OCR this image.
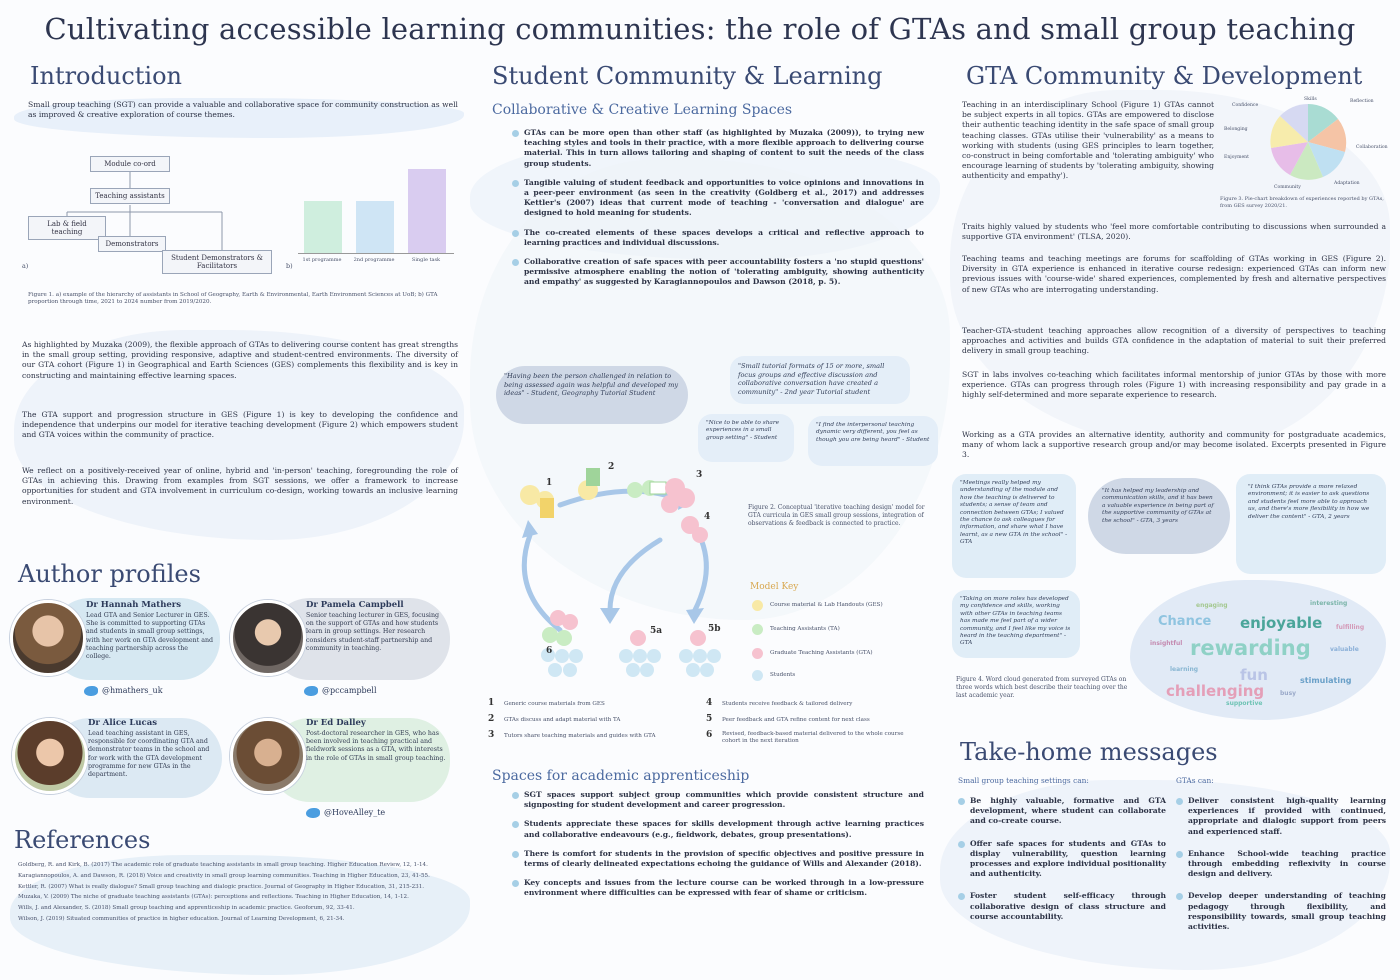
Cultivating accessible learning communities: the role of GTAs and small group teaching
Introduction
Small group teaching (SGT) can provide a valuable and collaborative space for community construction as well as improved & creative exploration of course themes.
Module co-ord
Teaching assistants
Lab & field teaching
Demonstrators
Student Demonstrators & Facilitators
a)	b)
1st programme	2nd programme	Single task
Figure 1. a) example of the hierarchy of assistants in School of Geography, Earth & Environmental, Earth Environment Sciences at UoB; b) GTA proportion through time, 2021 to 2024 number from 2019/2020.
As highlighted by Muzaka (2009), the flexible approach of GTAs to delivering course content has great strengths in the small group setting, providing responsive, adaptive and student-centred environments. The diversity of our GTA cohort (Figure 1) in Geographical and Earth Sciences (GES) complements this flexibility and is key in constructing and maintaining effective learning spaces.
The GTA support and progression structure in GES (Figure 1) is key to developing the confidence and independence that underpins our model for iterative teaching development (Figure 2) which empowers student and GTA voices within the community of practice.
We reflect on a positively-received year of online, hybrid and 'in-person' teaching, foregrounding the role of GTAs in achieving this. Drawing from examples from SGT sessions, we offer a framework to increase opportunities for student and GTA involvement in curriculum co-design, working towards an inclusive learning environment.
Author profiles
Dr Hannah Mathers
Lead GTA and Senior Lecturer in GES. She is committed to supporting GTAs and students in small group settings, with her work on GTA development and teaching partnership across the college.
@hmathers_uk
Dr Pamela Campbell
Senior teaching lecturer in GES, focusing on the support of GTAs and how students learn in group settings. Her research considers student-staff partnership and community in teaching.
@pccampbell
Dr Alice Lucas
Lead teaching assistant in GES, responsible for coordinating GTA and demonstrator teams in the school and for work with the GTA development programme for new GTAs in the department.
Dr Ed Dalley
Post-doctoral researcher in GES, who has been involved in teaching practical and fieldwork sessions as a GTA, with interests in the role of GTAs in small group teaching.
@HoveAlley_te
References
Goldberg, R. and Kirk, B. (2017) The academic role of graduate teaching assistants in small group teaching. Higher Education Review, 12, 1-14.
Karagiannopoulos, A. and Dawson, R. (2018) Voice and creativity in small group learning communities. Teaching in Higher Education, 23, 41-55.
Kettler, R. (2007) What is really dialogue? Small group teaching and dialogic practice. Journal of Geography in Higher Education, 31, 215-231.
Muzaka, V. (2009) The niche of graduate teaching assistants (GTAs): perceptions and reflections. Teaching in Higher Education, 14, 1-12.
Wills, J. and Alexander, S. (2018) Small group teaching and apprenticeship in academic practice. Geoforum, 92, 33-41.
Wilson, J. (2019) Situated communities of practice in higher education. Journal of Learning Development, 6, 21-34.
Student Community & Learning
Collaborative & Creative Learning Spaces
GTAs can be more open than other staff (as highlighted by Muzaka (2009)), to trying new teaching styles and tools in their practice, with a more flexible approach to delivering course material. This in turn allows tailoring and shaping of content to suit the needs of the class group students.
Tangible valuing of student feedback and opportunities to voice opinions and innovations in a peer-peer environment (as seen in the creativity (Goldberg et al., 2017) and addresses Kettler's (2007) ideas that current mode of teaching - 'conversation and dialogue' are designed to hold meaning for students.
The co-created elements of these spaces develops a critical and reflective approach to learning practices and individual discussions.
Collaborative creation of safe spaces with peer accountability fosters a 'no stupid questions' permissive atmosphere enabling the notion of 'tolerating ambiguity, showing authenticity and empathy' as suggested by Karagiannopoulos and Dawson (2018, p. 5).
"Having been the person challenged in relation to being assessed again was helpful and developed my ideas" - Student, Geography Tutorial Student
"Small tutorial formats of 15 or more, small focus groups and effective discussion and collaborative conversation have created a community" - 2nd year Tutorial student
"Nice to be able to share experiences in a small group setting" - Student
"I find the interpersonal teaching dynamic very different, you feel as though you are being heard" - Student
1
2
3
4
5a	5b
6
Figure 2. Conceptual 'iterative teaching design' model for GTA curricula in GES small group sessions, integration of observations & feedback is connected to practice.
Model Key
Course material & Lab Handouts (GES)
Teaching Assistants (TA)
Graduate Teaching Assistants (GTA)
Students
1 Generic course materials from GES
2 GTAs discuss and adapt material with TA
3 Tutors share teaching materials and guides with GTA
4 Students receive feedback & tailored delivery
5 Peer feedback and GTA refine content for next class
6 Revised, feedback-based material delivered to the whole course cohort in the next iteration
Spaces for academic apprenticeship
SGT spaces support subject group communities which provide consistent structure and signposting for student development and career progression.
Students appreciate these spaces for skills development through active learning practices and collaborative endeavours (e.g., fieldwork, debates, group presentations).
There is comfort for students in the provision of specific objectives and positive pressure in terms of clearly delineated expectations echoing the guidance of Wills and Alexander (2018).
Key concepts and issues from the lecture course can be worked through in a low-pressure environment where difficulties can be expressed with fear of shame or criticism.
GTA Community & Development
Teaching in an interdisciplinary School (Figure 1) GTAs cannot be subject experts in all topics. GTAs are empowered to disclose their authentic teaching identity in the safe space of small group teaching classes. GTAs utilise their 'vulnerability' as a means to working with students (using GES principles to learn together, co-construct in being comfortable and 'tolerating ambiguity' who encourage learning of students by 'tolerating ambiguity, showing authenticity and empathy').
Traits highly valued by students who 'feel more comfortable contributing to discussions when surrounded a supportive GTA environment' (TLSA, 2020).
Confidence
Reflection
Collaboration
Adaptation
Community
Enjoyment
Belonging
Skills
Figure 3. Pie-chart breakdown of experiences reported by GTAs, from GES survey 2020/21.
Teaching teams and teaching meetings are forums for scaffolding of GTAs working in GES (Figure 2). Diversity in GTA experience is enhanced in iterative course redesign: experienced GTAs can inform new previous issues with 'course-wide' shared experiences, complemented by fresh and alternative perspectives of new GTAs who are interrogating understanding.
Teacher-GTA-student teaching approaches allow recognition of a diversity of perspectives to teaching approaches and activities and builds GTA confidence in the adaptation of material to suit their preferred delivery in small group teaching.
SGT in labs involves co-teaching which facilitates informal mentorship of junior GTAs by those with more experience. GTAs can progress through roles (Figure 1) with increasing responsibility and pay grade in a highly self-determined and more separate experience to research.
Working as a GTA provides an alternative identity, authority and community for postgraduate academics, many of whom lack a supportive research group and/or may become isolated. Excerpts presented in Figure 3.
"Meetings really helped my understanding of the module and how the teaching is delivered to students; a sense of team and connection between GTAs; I valued the chance to ask colleagues for information, and share what I have learnt, as a new GTA in the school" - GTA
"It has helped my leadership and communication skills, and it has been a valuable experience in being part of the supportive community of GTAs at the school" - GTA, 3 years
"I think GTAs provide a more relaxed environment; it is easier to ask questions and students feel more able to approach us, and there's more flexibility in how we deliver the content" - GTA, 2 years
"Taking on more roles has developed my confidence and skills, working with other GTAs in teaching teams has made me feel part of a wider community, and I feel like my voice is heard in the teaching department" - GTA
enjoyable
rewarding
fun
challenging
Chance
stimulating
interesting
insightful
valuable
engaging
busy
supportive
fulfilling
learning
Figure 4. Word cloud generated from surveyed GTAs on three words which best describe their teaching over the last academic year.
Take-home messages
Small group teaching settings can:	GTAs can:
Be highly valuable, formative and GTA development, where student can collaborate and co-create course.
Offer safe spaces for students and GTAs to display vulnerability, question learning processes and explore individual positionality and authenticity.
Foster student self-efficacy through collaborative design of class structure and course accountability.
Deliver consistent high-quality learning experiences if provided with continued, appropriate and dialogic support from peers and experienced staff.
Enhance School-wide teaching practice through embedding reflexivity in course design and delivery.
Develop deeper understanding of teaching pedagogy through flexibility, and responsibility towards, small group teaching activities.
